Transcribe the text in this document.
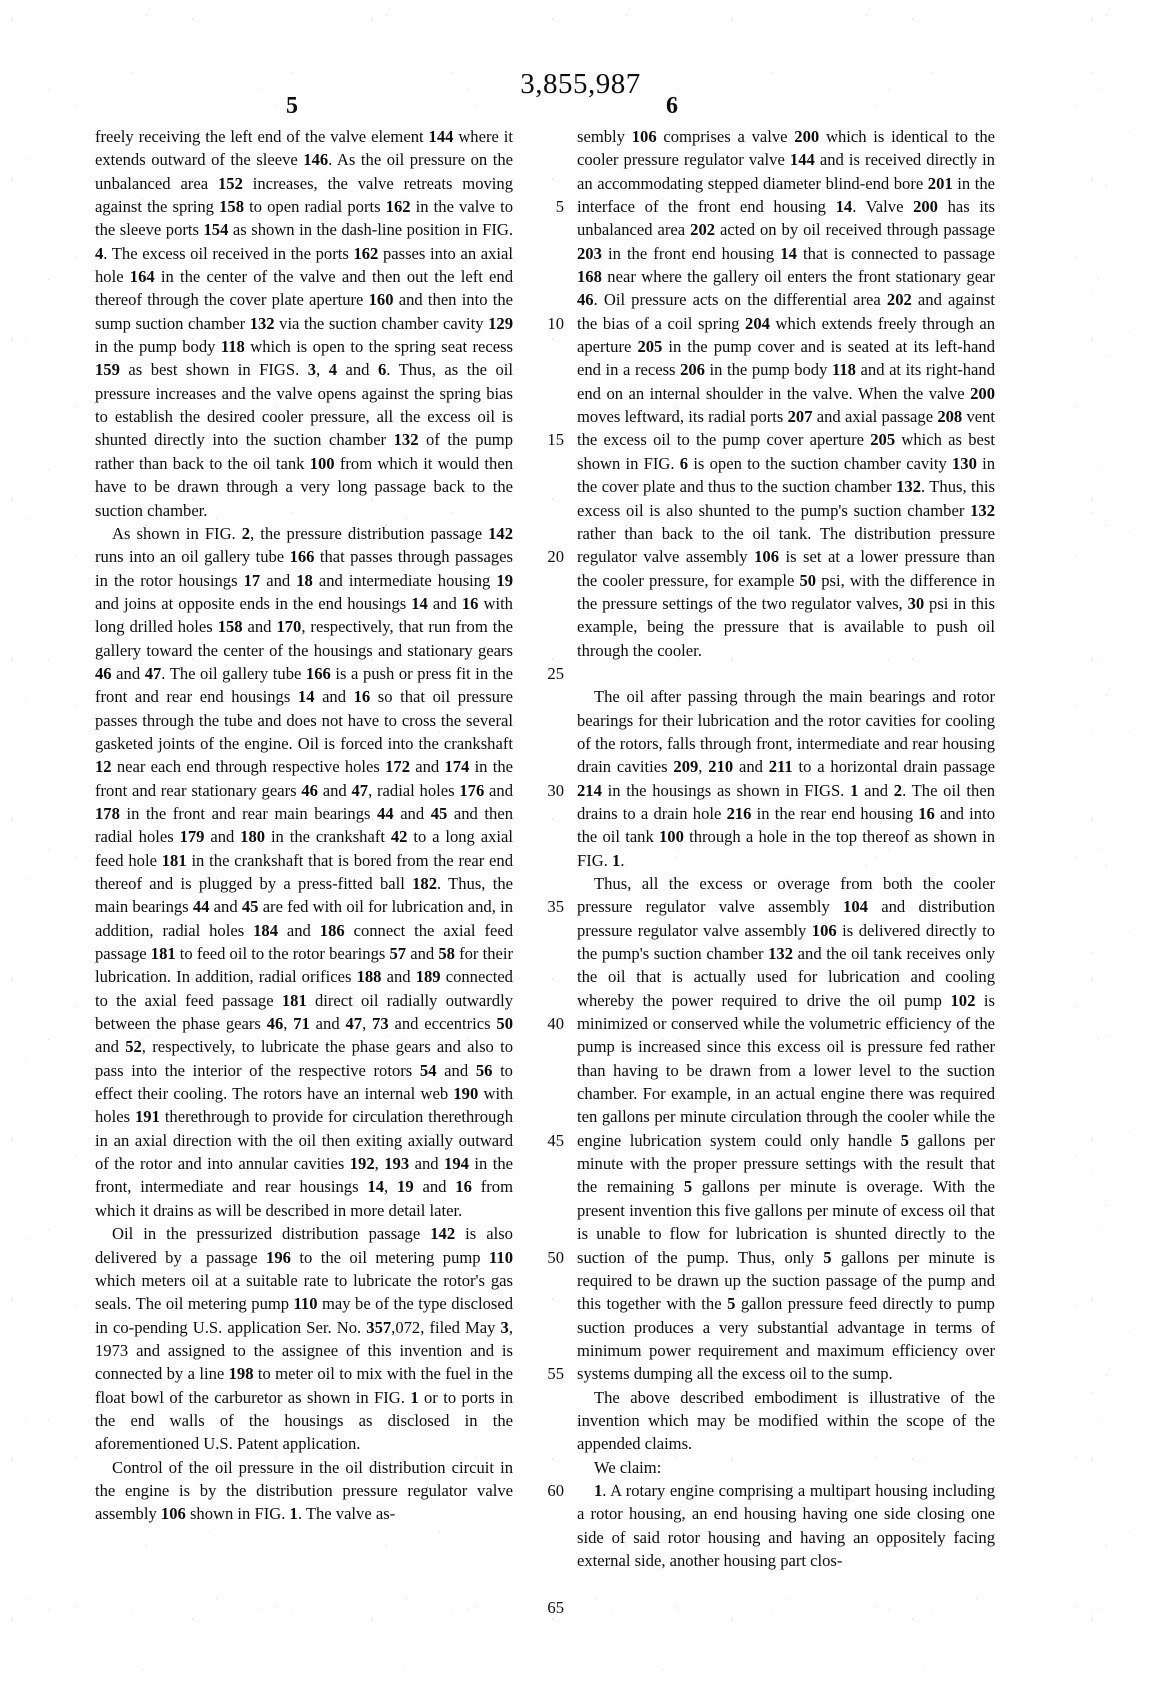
3,855,987
5	6

freely receiving the left end of the valve element 144 where it extends outward of the sleeve 146. As the oil pressure on the unbalanced area 152 increases, the valve retreats moving against the spring 158 to open radial ports 162 in the valve to the sleeve ports 154 as shown in the dash-line position in FIG. 4. The excess oil received in the ports 162 passes into an axial hole 164 in the center of the valve and then out the left end thereof through the cover plate aperture 160 and then into the sump suction chamber 132 via the suction chamber cavity 129 in the pump body 118 which is open to the spring seat recess 159 as best shown in FIGS. 3, 4 and 6. Thus, as the oil pressure increases and the valve opens against the spring bias to establish the desired cooler pressure, all the excess oil is shunted directly into the suction chamber 132 of the pump rather than back to the oil tank 100 from which it would then have to be drawn through a very long passage back to the suction chamber.

As shown in FIG. 2, the pressure distribution passage 142 runs into an oil gallery tube 166 that passes through passages in the rotor housings 17 and 18 and intermediate housing 19 and joins at opposite ends in the end housings 14 and 16 with long drilled holes 158 and 170, respectively, that run from the gallery toward the center of the housings and stationary gears 46 and 47. The oil gallery tube 166 is a push or press fit in the front and rear end housings 14 and 16 so that oil pressure passes through the tube and does not have to cross the several gasketed joints of the engine. Oil is forced into the crankshaft 12 near each end through respective holes 172 and 174 in the front and rear stationary gears 46 and 47, radial holes 176 and 178 in the front and rear main bearings 44 and 45 and then radial holes 179 and 180 in the crankshaft 42 to a long axial feed hole 181 in the crankshaft that is bored from the rear end thereof and is plugged by a press-fitted ball 182. Thus, the main bearings 44 and 45 are fed with oil for lubrication and, in addition, radial holes 184 and 186 connect the axial feed passage 181 to feed oil to the rotor bearings 57 and 58 for their lubrication. In addition, radial orifices 188 and 189 connected to the axial feed passage 181 direct oil radially outwardly between the phase gears 46, 71 and 47, 73 and eccentrics 50 and 52, respectively, to lubricate the phase gears and also to pass into the interior of the respective rotors 54 and 56 to effect their cooling. The rotors have an internal web 190 with holes 191 therethrough to provide for circulation therethrough in an axial direction with the oil then exiting axially outward of the rotor and into annular cavities 192, 193 and 194 in the front, intermediate and rear housings 14, 19 and 16 from which it drains as will be described in more detail later.

Oil in the pressurized distribution passage 142 is also delivered by a passage 196 to the oil metering pump 110 which meters oil at a suitable rate to lubricate the rotor's gas seals. The oil metering pump 110 may be of the type disclosed in co-pending U.S. application Ser. No. 357,072, filed May 3, 1973 and assigned to the assignee of this invention and is connected by a line 198 to meter oil to mix with the fuel in the float bowl of the carburetor as shown in FIG. 1 or to ports in the end walls of the housings as disclosed in the aforementioned U.S. Patent application.

Control of the oil pressure in the oil distribution circuit in the engine is by the distribution pressure regulator valve assembly 106 shown in FIG. 1. The valve as-

5
10
15
20
25
30
35
40
45
50
55
60
65

sembly 106 comprises a valve 200 which is identical to the cooler pressure regulator valve 144 and is received directly in an accommodating stepped diameter blind-end bore 201 in the interface of the front end housing 14. Valve 200 has its unbalanced area 202 acted on by oil received through passage 203 in the front end housing 14 that is connected to passage 168 near where the gallery oil enters the front stationary gear 46. Oil pressure acts on the differential area 202 and against the bias of a coil spring 204 which extends freely through an aperture 205 in the pump cover and is seated at its left-hand end in a recess 206 in the pump body 118 and at its right-hand end on an internal shoulder in the valve. When the valve 200 moves leftward, its radial ports 207 and axial passage 208 vent the excess oil to the pump cover aperture 205 which as best shown in FIG. 6 is open to the suction chamber cavity 130 in the cover plate and thus to the suction chamber 132. Thus, this excess oil is also shunted to the pump's suction chamber 132 rather than back to the oil tank. The distribution pressure regulator valve assembly 106 is set at a lower pressure than the cooler pressure, for example 50 psi, with the difference in the pressure settings of the two regulator valves, 30 psi in this example, being the pressure that is available to push oil through the cooler.

The oil after passing through the main bearings and rotor bearings for their lubrication and the rotor cavities for cooling of the rotors, falls through front, intermediate and rear housing drain cavities 209, 210 and 211 to a horizontal drain passage 214 in the housings as shown in FIGS. 1 and 2. The oil then drains to a drain hole 216 in the rear end housing 16 and into the oil tank 100 through a hole in the top thereof as shown in FIG. 1.

Thus, all the excess or overage from both the cooler pressure regulator valve assembly 104 and distribution pressure regulator valve assembly 106 is delivered directly to the pump's suction chamber 132 and the oil tank receives only the oil that is actually used for lubrication and cooling whereby the power required to drive the oil pump 102 is minimized or conserved while the volumetric efficiency of the pump is increased since this excess oil is pressure fed rather than having to be drawn from a lower level to the suction chamber. For example, in an actual engine there was required ten gallons per minute circulation through the cooler while the engine lubrication system could only handle 5 gallons per minute with the proper pressure settings with the result that the remaining 5 gallons per minute is overage. With the present invention this five gallons per minute of excess oil that is unable to flow for lubrication is shunted directly to the suction of the pump. Thus, only 5 gallons per minute is required to be drawn up the suction passage of the pump and this together with the 5 gallon pressure feed directly to pump suction produces a very substantial advantage in terms of minimum power requirement and maximum efficiency over systems dumping all the excess oil to the sump.

The above described embodiment is illustrative of the invention which may be modified within the scope of the appended claims.

We claim:

1. A rotary engine comprising a multipart housing including a rotor housing, an end housing having one side closing one side of said rotor housing and having an oppositely facing external side, another housing part clos-
